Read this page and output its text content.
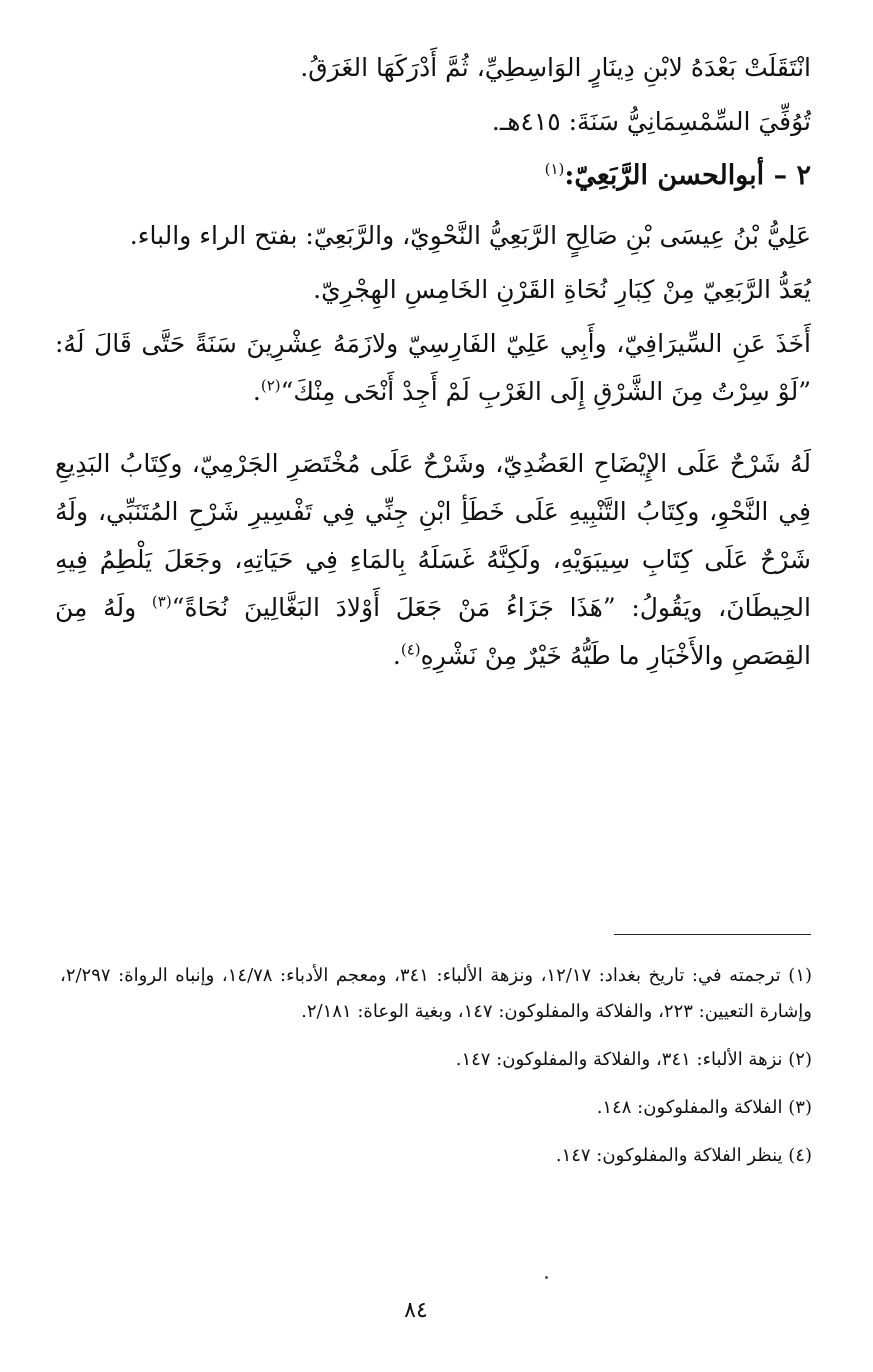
انْتَقَلَتْ بَعْدَهُ لابْنِ دِينَارٍ الوَاسِطِيِّ، ثُمَّ أَدْرَكَهَا الغَرَقُ.

تُوُفِّيَ السِّمْسِمَانِيُّ سَنَةَ: ٤١٥هـ.

٢ – أبوالحسن الرَّبَعِيّ:$^{(١)}$

عَلِيُّ بْنُ عِيسَى بْنِ صَالِحٍ الرَّبَعِيُّ النَّحْوِيّ، والرَّبَعِيّ: بفتح الراء والباء.

يُعَدُّ الرَّبَعِيّ مِنْ كِبَارِ نُحَاةِ القَرْنِ الخَامِسِ الهِجْرِيّ.

أَخَذَ عَنِ السِّيرَافِيّ، وأَبِي عَلِيّ الفَارِسِيّ ولازَمَهُ عِشْرِينَ سَنَةً حَتَّى قَالَ لَهُ: ”لَوْ سِرْتُ مِنَ الشَّرْقِ إِلَى الغَرْبِ لَمْ أَجِدْ أَنْحَى مِنْكَ“$^{(٢)}$.

لَهُ شَرْحٌ عَلَى الإِيْضَاحِ العَضُدِيّ، وشَرْحٌ عَلَى مُخْتَصَرِ الجَرْمِيّ، وكِتَابُ البَدِيعِ فِي النَّحْوِ، وكِتَابُ التَّنْبِيهِ عَلَى خَطَأِ ابْنِ جِنِّي فِي تَفْسِيرِ شَرْحِ المُتَنَبِّي، ولَهُ شَرْحٌ عَلَى كِتَابِ سِيبَوَيْهِ، ولَكِنَّهُ غَسَلَهُ بِالمَاءِ فِي حَيَاتِهِ، وجَعَلَ يَلْطِمُ فِيهِ الحِيطَانَ، ويَقُولُ: ”هَذَا جَزَاءُ مَنْ جَعَلَ أَوْلادَ البَغَّالِينَ نُحَاةً“$^{(٣)}$ ولَهُ مِنَ القِصَصِ والأَخْبَارِ ما طَيُّهُ خَيْرٌ مِنْ نَشْرِهِ$^{(٤)}$.

(١) ترجمته في: تاريخ بغداد: ١٢/١٧، ونزهة الألباء: ٣٤١، ومعجم الأدباء: ١٤/٧٨، وإنباه الرواة: ٢/٢٩٧، وإشارة التعيين: ٢٢٣، والفلاكة والمفلوكون: ١٤٧، وبغية الوعاة: ٢/١٨١.

(٢) نزهة الألباء: ٣٤١، والفلاكة والمفلوكون: ١٤٧.

(٣) الفلاكة والمفلوكون: ١٤٨.

(٤) ينظر الفلاكة والمفلوكون: ١٤٧.

٨٤
